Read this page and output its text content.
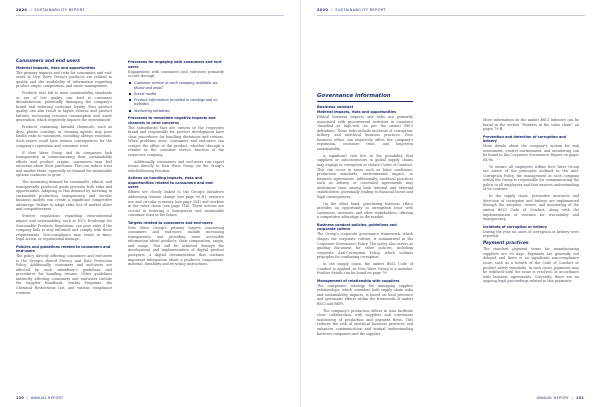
2020 // SUSTAINABILITY REPORT
Consumers and end users
Material impacts, risks and opportunities

The primary impacts and risks for consumers and end-users of New Wave Group's products are related to quality and the availability of information regarding product origin, composition, and waste management.

Products that fail to meet sustainability standards or are of low quality can lead to consumer dissatisfaction, potentially damaging the company's brand and reducing customer loyalty. Poor product quality can also result in higher returns and product failures, increasing resource consumption and waste generation, which negatively impacts the environment.

Products containing harmful chemicals, such as dyes, plastic coatings, or cleaning agents, may pose health risks to consumers, including allergic reactions. Such issues could have serious consequences for the company's reputation and consumer trust.

If New Wave Group and its companies lack transparency in communicating their sustainability efforts and product origins, consumers may feel uncertain about their purchases. This can reduce trust and market share, especially as demand for sustainable options continues to grow.

The increasing demand for sustainable, ethical, and transparently produced goods presents both risks and opportunities. Adapting to this demand by investing in sustainable production, transparency, and circular business models can create a significant competitive advantage. Failure to adapt risks loss of market share and competitiveness.

Stricter regulations regarding environmental impact and sustainability, such as EU's Ecodesign for Sustainable Products Regulation, can pose risks if the company fails to stay informed and comply with these requirements. Non-compliance may result in fines, legal action, or reputational damage.

Policies and guidelines related to consumers and end-users

The policy directly affecting consumers and end-users is the Group's shared Privacy and Data Protection Policy. Additionally, consumers and end-users are affected by each subsidiary's guidelines and procedures for handling returns. Other guidelines indirectly affecting consumers and end-users include the Supplier Handbook, Quality Programs, the Chemical Restrictions List, and various compliance routines.

Processes for engaging with consumers and end-users

Engagement with consumers and end-users primarily occurs through:

Customer service at each company, available via phone and email
Social media
Product information provided in catalogs and on websites
Marketing initiatives
Processes to remediate negative impacts and channels to raise concerns

The subsidiaries that are owners of the respective brand and responsible for product development have clear procedures for handling deviations and returns. When problems arise, consumers and end-users can contact the office of the product, whether through a retailer or the customer service function of the respective company.

Additionally, consumers and end-users can report issues directly to New Wave Group via the Group's whistleblowing function.

Actions on handling impacts, risks and opportunities related to consumers and end-users

Efforts are closely linked to the Group's initiatives addressing climate change (see page 99 ff.), resource use and circular economy (see page 104) and workers in the value chain (see page 116). These actions are crucial in fostering a transparent and sustainable consumer trust in the future.

Targets related to consumers and end-users

New Wave Group's primary targets concerning consumers and end-users include increasing transparency and providing more accessible information about products, their composition, origin, and usage. This will be achieved through the development and implementation of digital product passports, a digital documentation that contains important information about a product's components, material, durability and recycling instructions.

130 // ANNUAL REPORT
2020 // SUSTAINABILITY REPORT
Governance information
Business conduct
Material impacts, risks and opportunities

Ethical business impacts and risks are primarily associated with procurement activities in countries classified as high-risk (as per the amfori BSCI definition). These risks include incidents of corruption, bribery, and unethical business practices. Poor business ethics can negatively affect the company's reputation, customer trust, and long-term sustainability.

A significant risk lies in the possibility that suppliers or subcontractors in global supply chains may engage in corruption or violate Codes of Conduct. This can occur in areas such as labor conditions, production standards, environmental impact, or business agreements. Additionally, unethical practices such as bribery or concealed agreements may undermine trust among both internal and external stakeholders, potentially leading to financial losses and legal consequences.

On the other hand, prioritizing business ethics provides an opportunity to strengthen trust with customers, investors, and other stakeholders, offering a competitive advantage in the market.

Business conduct policies, guidelines and corporate culture

The Group's corporate governance framework, which shapes the corporate culture, is summarized in the Corporate Governance Policy. The policy also serves as guiding document for other policies, including corporate Anti-Corruption Policy, which outlines principles for combating corruption.

In the supply chain, the amfori BSCI Code of Conduct is applied, as New Wave Group is a member. Further details can be found on page 79.

Management of relationship with suppliers

The companies' strategy for managing supplier relationships, which considers both supply chain risks and sustainability impacts, is based on local presence and systematic efforts within the framework of amfori BSCI and BEPI.

The company's production offices in Asia facilitate close collaboration with suppliers and continuous monitoring of production and payment flows. This reduces the risk of unethical business practices and enhances communication and mutual understanding between companies and the supplier.

More information on the amfori BSCI initiative can be found in the section "Workers in the value chain" on pages 79 ff.

Prevention and detection of corruption and bribery

More details about the company's system for risk assessment, control environment, and monitoring can be found in the Corporate Governance Report on pages 64-86.

To ensure all employees within New Wave Group are aware of the principles outlined in the Anti-Corruption Policy, the management at each company within the Group is responsible for communicating the policy to all employees and that ensures understanding of its contents.

In the supply chain, preventive measures and detection of corruption and bribery are implemented through the adoption, review, and monitoring of the amfori BSCI Code of Conduct, along with the implementation of routines for traceability and transparency.

Incidents of corruption or bribery

During the year, no cases of corruption or bribery were reported.

Payment practices

The standard payment terms for manufacturing suppliers are 90 days. Payments are generally not delayed and there is no significant non-compliance issue, such as a breach of the Code of Conduct or product safety standards. In such cases, payments may be withheld until the issue is resolved, in accordance with business agreements. Currently, there are no ongoing legal proceedings related to late payments.

ANNUAL REPORT // 131
